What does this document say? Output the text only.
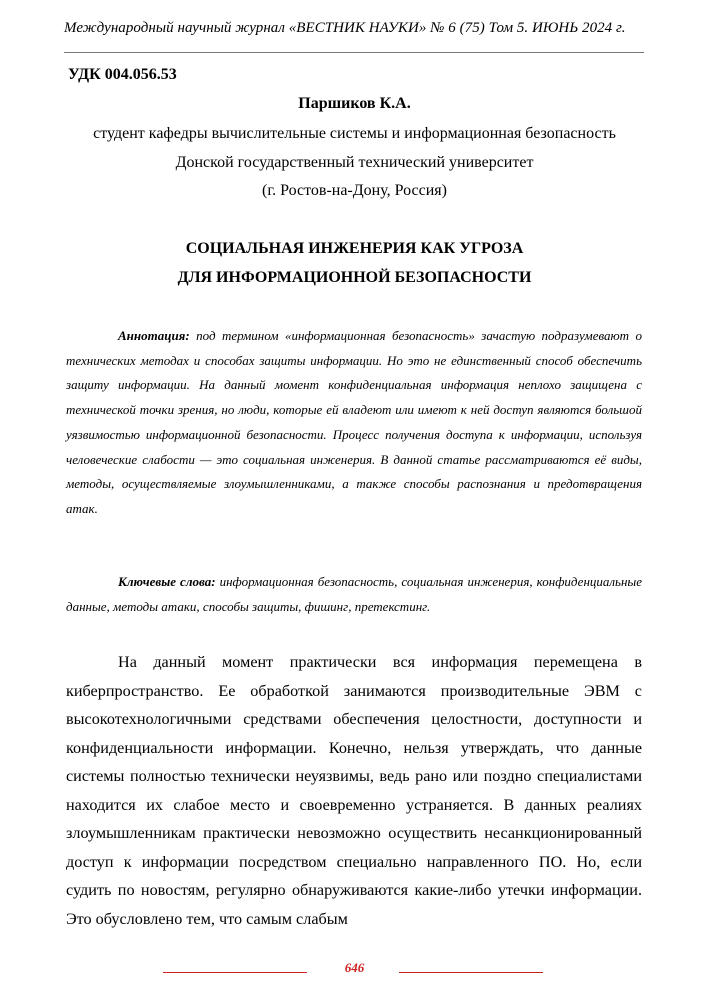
Международный научный журнал «ВЕСТНИК НАУКИ» № 6 (75) Том 5. ИЮНЬ 2024 г.
УДК 004.056.53
Паршиков К.А.
студент кафедры вычислительные системы и информационная безопасность
Донской государственный технический университет
(г. Ростов-на-Дону, Россия)
СОЦИАЛЬНАЯ ИНЖЕНЕРИЯ КАК УГРОЗА
ДЛЯ ИНФОРМАЦИОННОЙ БЕЗОПАСНОСТИ
Аннотация: под термином «информационная безопасность» зачастую подразумевают о технических методах и способах защиты информации. Но это не единственный способ обеспечить защиту информации. На данный момент конфиденциальная информация неплохо защищена с технической точки зрения, но люди, которые ей владеют или имеют к ней доступ являются большой уязвимостью информационной безопасности. Процесс получения доступа к информации, используя человеческие слабости — это социальная инженерия. В данной статье рассматриваются её виды, методы, осуществляемые злоумышленниками, а также способы распознания и предотвращения атак.
Ключевые слова: информационная безопасность, социальная инженерия, конфиденциальные данные, методы атаки, способы защиты, фишинг, претекстинг.
На данный момент практически вся информация перемещена в киберпространство. Ее обработкой занимаются производительные ЭВМ с высокотехнологичными средствами обеспечения целостности, доступности и конфиденциальности информации. Конечно, нельзя утверждать, что данные системы полностью технически неуязвимы, ведь рано или поздно специалистами находится их слабое место и своевременно устраняется. В данных реалиях злоумышленникам практически невозможно осуществить несанкционированный доступ к информации посредством специально направленного ПО. Но, если судить по новостям, регулярно обнаруживаются какие-либо утечки информации. Это обусловлено тем, что самым слабым
646
